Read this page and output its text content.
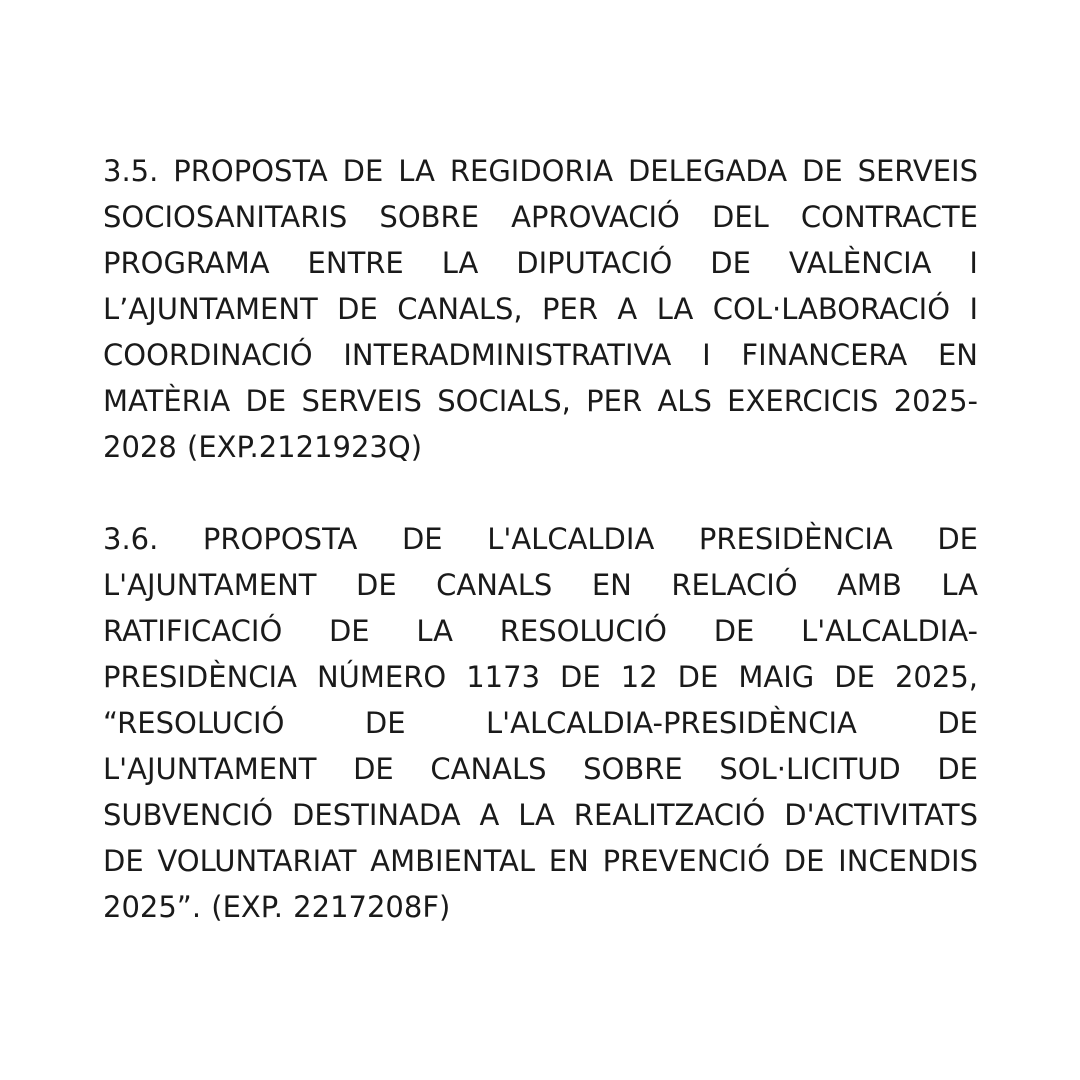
3.5. PROPOSTA DE LA REGIDORIA DELEGADA DE SERVEIS SOCIOSANITARIS SOBRE APROVACIÓ DEL CONTRACTE PROGRAMA ENTRE LA DIPUTACIÓ DE VALÈNCIA I L’AJUNTAMENT DE CANALS, PER A LA COL·LABORACIÓ I COORDINACIÓ INTERADMINISTRATIVA I FINANCERA EN MATÈRIA DE SERVEIS SOCIALS, PER ALS EXERCICIS 2025-2028 (EXP.2121923Q)

3.6. PROPOSTA DE L'ALCALDIA PRESIDÈNCIA DE L'AJUNTAMENT DE CANALS EN RELACIÓ AMB LA RATIFICACIÓ DE LA RESOLUCIÓ DE L'ALCALDIA-PRESIDÈNCIA NÚMERO 1173 DE 12 DE MAIG DE 2025, “RESOLUCIÓ DE L'ALCALDIA-PRESIDÈNCIA DE L'AJUNTAMENT DE CANALS SOBRE SOL·LICITUD DE SUBVENCIÓ DESTINADA A LA REALITZACIÓ D'ACTIVITATS DE VOLUNTARIAT AMBIENTAL EN PREVENCIÓ DE INCENDIS 2025”. (EXP. 2217208F)
